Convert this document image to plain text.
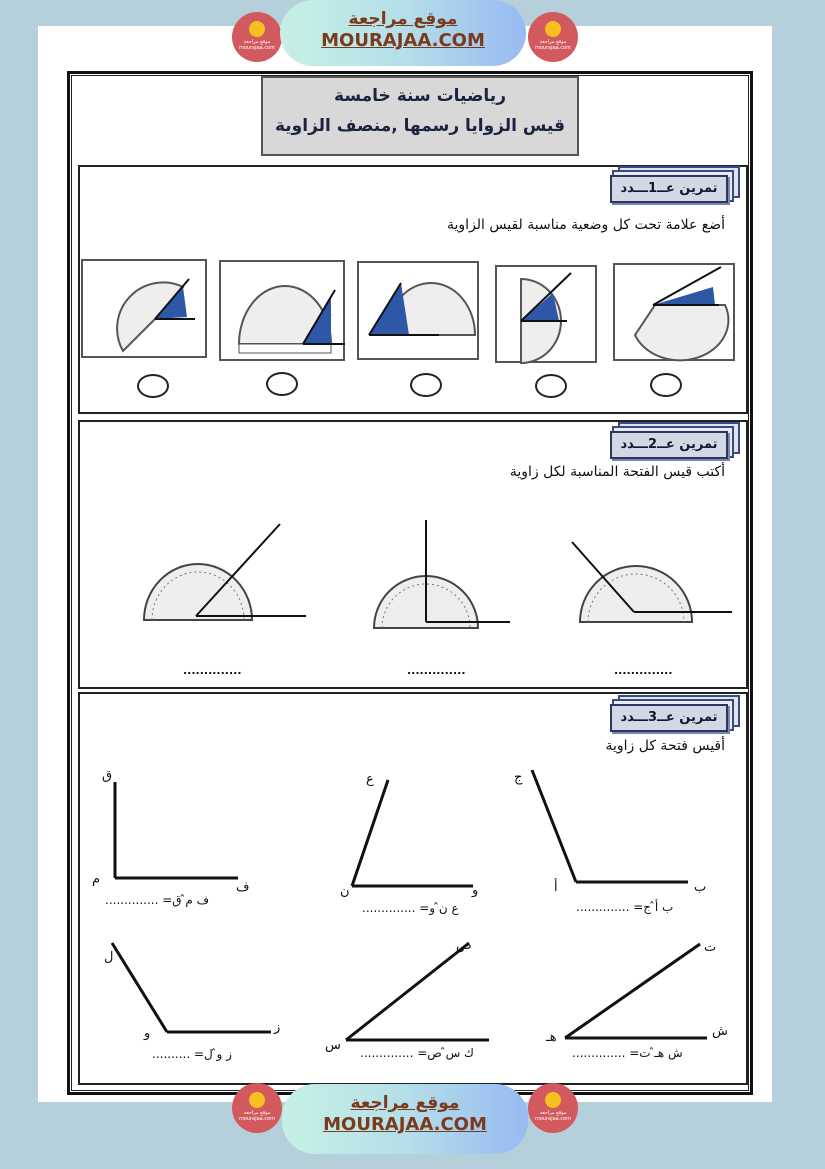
موقع مراجعة mourajaa.com
موقع مراجعة
MOURAJAA.COM	موقع مراجعة mourajaa.com
رياضيات سنة خامسة
قيس الزوايا رسمها ,منصف الزاوية
تمرين عــ1ـــدد
أضع علامة تحت كل وضعية مناسبة لقيس الزاوية
تمرين عــ2ـــدد
أكتب قيس الفتحة المناسبة لكل زاوية
..............	..............	..............
تمرين عــ3ـــدد
أقيس فتحة كل زاوية
ق
م
ف
ف م̂ ق= ..............
ع
ن	و
ع ن̂ و= ..............
ج
أ	ب
ب أ̂ ج= ..............
ل
و	ز
ز و̂ ل= ..........
ص
س ك س̂ ص= ..............
ت
هـ	ش
ش هـ̂ ت= ..............
موقع مراجعة mourajaa.com
موقع مراجعة
MOURAJAA.COM
موقع مراجعة mourajaa.com
